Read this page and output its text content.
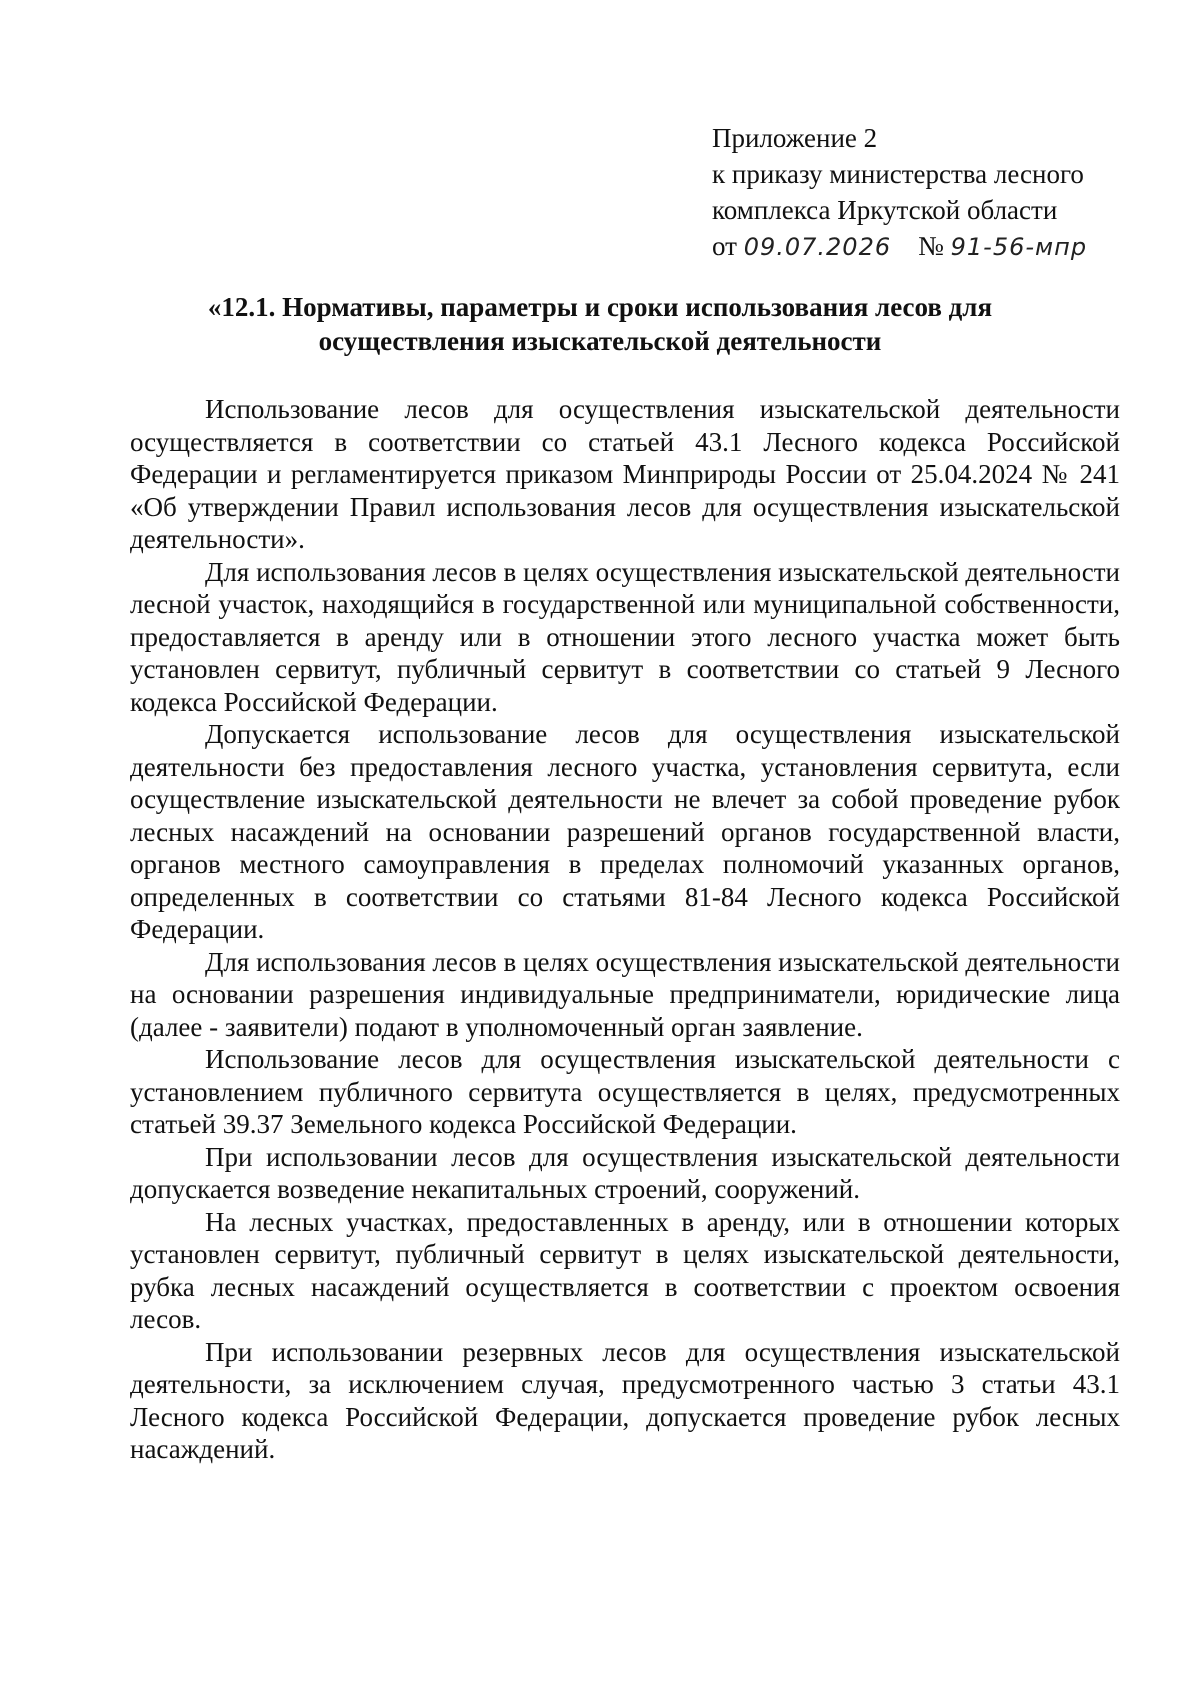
Приложение 2
к приказу министерства лесного
комплекса Иркутской области
от 09.07.2026 № 91-56-мпр
«12.1. Нормативы, параметры и сроки использования лесов для
осуществления изыскательской деятельности

Использование лесов для осуществления изыскательской деятельности осуществляется в соответствии со статьей 43.1 Лесного кодекса Российской Федерации и регламентируется приказом Минприроды России от 25.04.2024 № 241 «Об утверждении Правил использования лесов для осуществления изыскательской деятельности».

Для использования лесов в целях осуществления изыскательской деятельности лесной участок, находящийся в государственной или муниципальной собственности, предоставляется в аренду или в отношении этого лесного участка может быть установлен сервитут, публичный сервитут в соответствии со статьей 9 Лесного кодекса Российской Федерации.

Допускается использование лесов для осуществления изыскательской деятельности без предоставления лесного участка, установления сервитута, если осуществление изыскательской деятельности не влечет за собой проведение рубок лесных насаждений на основании разрешений органов государственной власти, органов местного самоуправления в пределах полномочий указанных органов, определенных в соответствии со статьями 81-84 Лесного кодекса Российской Федерации.

Для использования лесов в целях осуществления изыскательской деятельности на основании разрешения индивидуальные предприниматели, юридические лица (далее - заявители) подают в уполномоченный орган заявление.

Использование лесов для осуществления изыскательской деятельности с установлением публичного сервитута осуществляется в целях, предусмотренных статьей 39.37 Земельного кодекса Российской Федерации.

При использовании лесов для осуществления изыскательской деятельности допускается возведение некапитальных строений, сооружений.

На лесных участках, предоставленных в аренду, или в отношении которых установлен сервитут, публичный сервитут в целях изыскательской деятельности, рубка лесных насаждений осуществляется в соответствии с проектом освоения лесов.

При использовании резервных лесов для осуществления изыскательской деятельности, за исключением случая, предусмотренного частью 3 статьи 43.1 Лесного кодекса Российской Федерации, допускается проведение рубок лесных насаждений.
